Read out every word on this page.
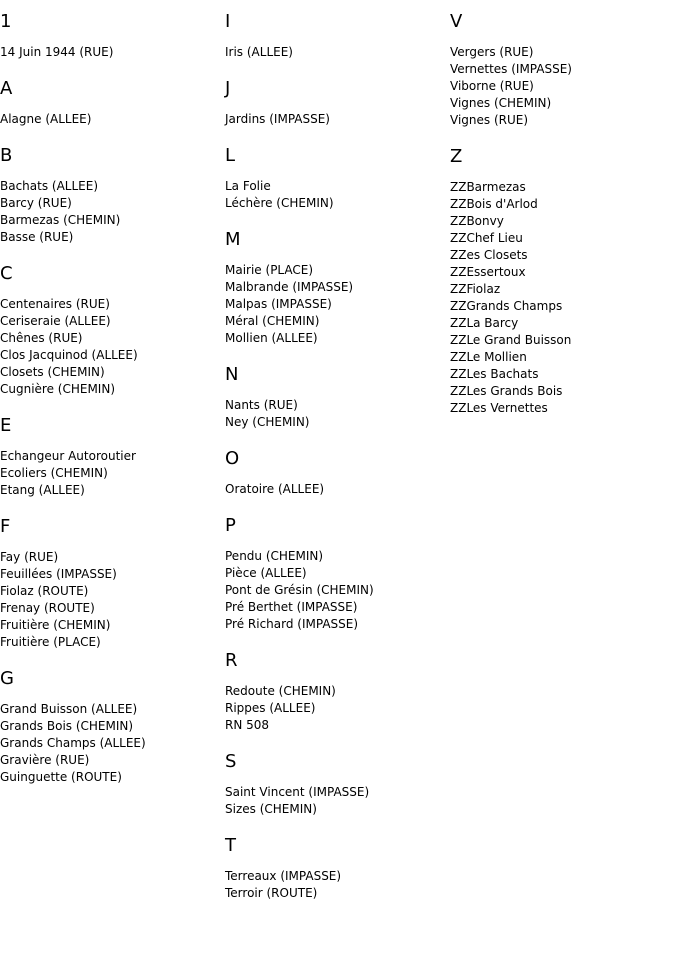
1
14 Juin 1944 (RUE)
A
Alagne (ALLEE)
B
Bachats (ALLEE)
Barcy (RUE)
Barmezas (CHEMIN)
Basse (RUE)
C
Centenaires (RUE)
Ceriseraie (ALLEE)
Chênes (RUE)
Clos Jacquinod (ALLEE)
Closets (CHEMIN)
Cugnière (CHEMIN)
E
Echangeur Autoroutier
Ecoliers (CHEMIN)
Etang (ALLEE)
F
Fay (RUE)
Feuillées (IMPASSE)
Fiolaz (ROUTE)
Frenay (ROUTE)
Fruitière (CHEMIN)
Fruitière (PLACE)
G
Grand Buisson (ALLEE)
Grands Bois (CHEMIN)
Grands Champs (ALLEE)
Gravière (RUE)
Guinguette (ROUTE)
I
Iris (ALLEE)
J
Jardins (IMPASSE)
L
La Folie
Léchère (CHEMIN)
M
Mairie (PLACE)
Malbrande (IMPASSE)
Malpas (IMPASSE)
Méral (CHEMIN)
Mollien (ALLEE)
N
Nants (RUE)
Ney (CHEMIN)
O
Oratoire (ALLEE)
P
Pendu (CHEMIN)
Pièce (ALLEE)
Pont de Grésin (CHEMIN)
Pré Berthet (IMPASSE)
Pré Richard (IMPASSE)
R
Redoute (CHEMIN)
Rippes (ALLEE)
RN 508
S
Saint Vincent (IMPASSE)
Sizes (CHEMIN)
T
Terreaux (IMPASSE)
Terroir (ROUTE)
V
Vergers (RUE)
Vernettes (IMPASSE)
Viborne (RUE)
Vignes (CHEMIN)
Vignes (RUE)
Z
ZZBarmezas
ZZBois d'Arlod
ZZBonvy
ZZChef Lieu
ZZes Closets
ZZEssertoux
ZZFiolaz
ZZGrands Champs
ZZLa Barcy
ZZLe Grand Buisson
ZZLe Mollien
ZZLes Bachats
ZZLes Grands Bois
ZZLes Vernettes
